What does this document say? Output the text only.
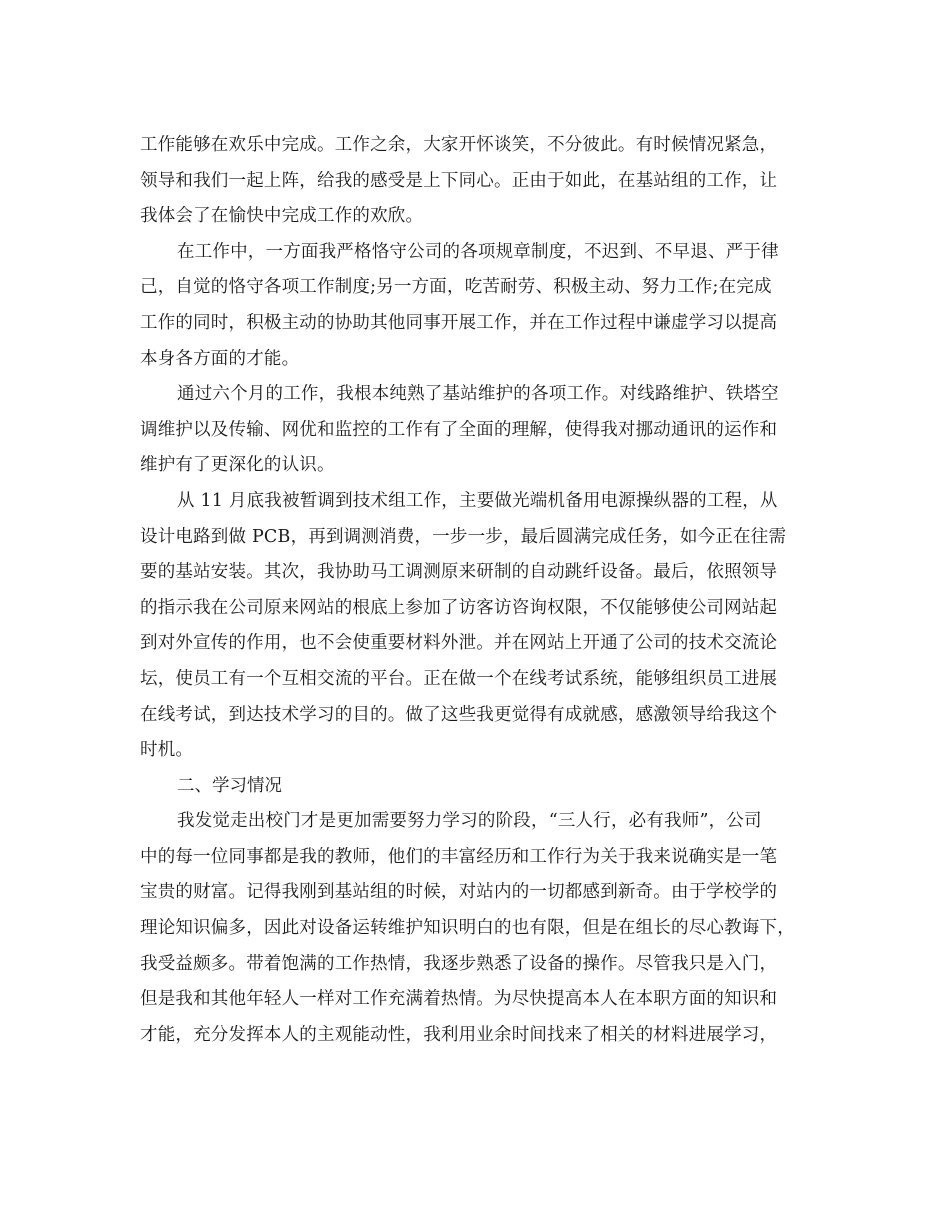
工作能够在欢乐中完成。工作之余，大家开怀谈笑，不分彼此。有时候情况紧急，
领导和我们一起上阵，给我的感受是上下同心。正由于如此，在基站组的工作，让
我体会了在愉快中完成工作的欢欣。

在工作中，一方面我严格恪守公司的各项规章制度，不迟到、不早退、严于律
己，自觉的恪守各项工作制度;另一方面，吃苦耐劳、积极主动、努力工作;在完成
工作的同时，积极主动的协助其他同事开展工作，并在工作过程中谦虚学习以提高
本身各方面的才能。

通过六个月的工作，我根本纯熟了基站维护的各项工作。对线路维护、铁塔空
调维护以及传输、网优和监控的工作有了全面的理解，使得我对挪动通讯的运作和
维护有了更深化的认识。

从 11 月底我被暂调到技术组工作，主要做光端机备用电源操纵器的工程，从
设计电路到做 PCB，再到调测消费，一步一步，最后圆满完成任务，如今正在往需
要的基站安装。其次，我协助马工调测原来研制的自动跳纤设备。最后，依照领导
的指示我在公司原来网站的根底上参加了访客访咨询权限，不仅能够使公司网站起
到对外宣传的作用，也不会使重要材料外泄。并在网站上开通了公司的技术交流论
坛，使员工有一个互相交流的平台。正在做一个在线考试系统，能够组织员工进展
在线考试，到达技术学习的目的。做了这些我更觉得有成就感，感激领导给我这个
时机。

二、学习情况

我发觉走出校门才是更加需要努力学习的阶段，“三人行，必有我师”，公司
中的每一位同事都是我的教师，他们的丰富经历和工作行为关于我来说确实是一笔
宝贵的财富。记得我刚到基站组的时候，对站内的一切都感到新奇。由于学校学的
理论知识偏多，因此对设备运转维护知识明白的也有限，但是在组长的尽心教诲下，
我受益颇多。带着饱满的工作热情，我逐步熟悉了设备的操作。尽管我只是入门，
但是我和其他年轻人一样对工作充满着热情。为尽快提高本人在本职方面的知识和
才能，充分发挥本人的主观能动性，我利用业余时间找来了相关的材料进展学习，
